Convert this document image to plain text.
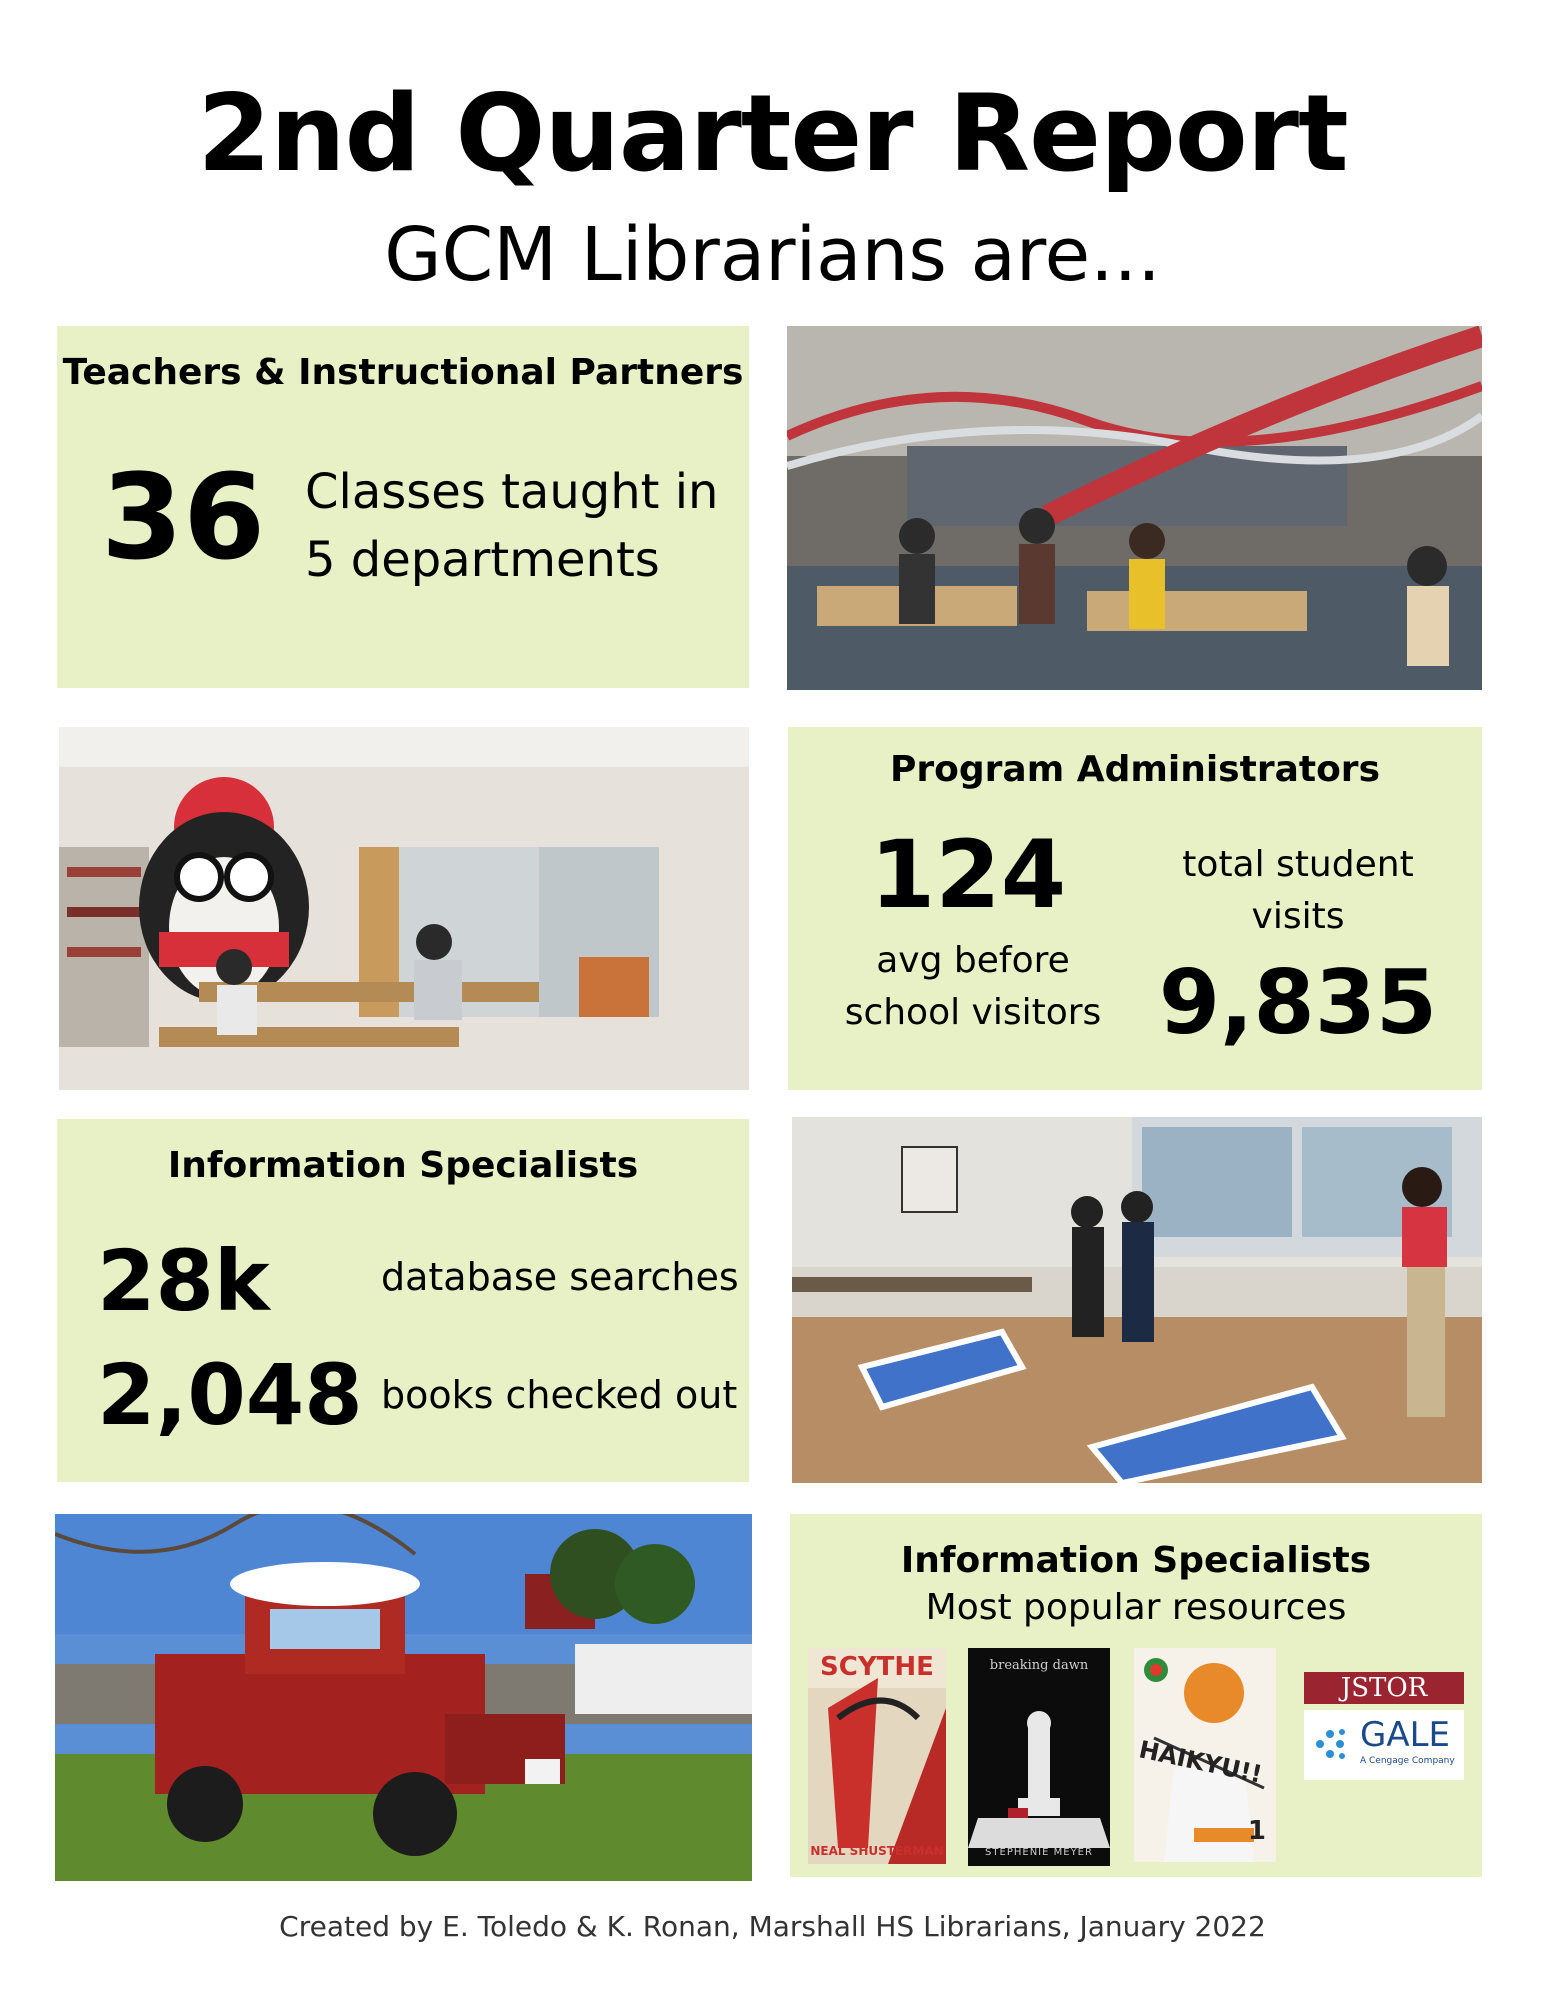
2nd Quarter Report
GCM Librarians are...
Teachers & Instructional Partners
36 Classes taught in
5 departments
Program Administrators
124
avg before
school visitors
total student
visits
9,835
Information Specialists
28k	database searches
2,048 books checked out
Information Specialists
Most popular resources
SCYTHE
NEAL SHUSTERMAN
breaking dawn
STEPHENIE MEYER
HAIKYU!!
1
JSTOR
GALE
A Cengage Company
Created by E. Toledo & K. Ronan, Marshall HS Librarians, January 2022
